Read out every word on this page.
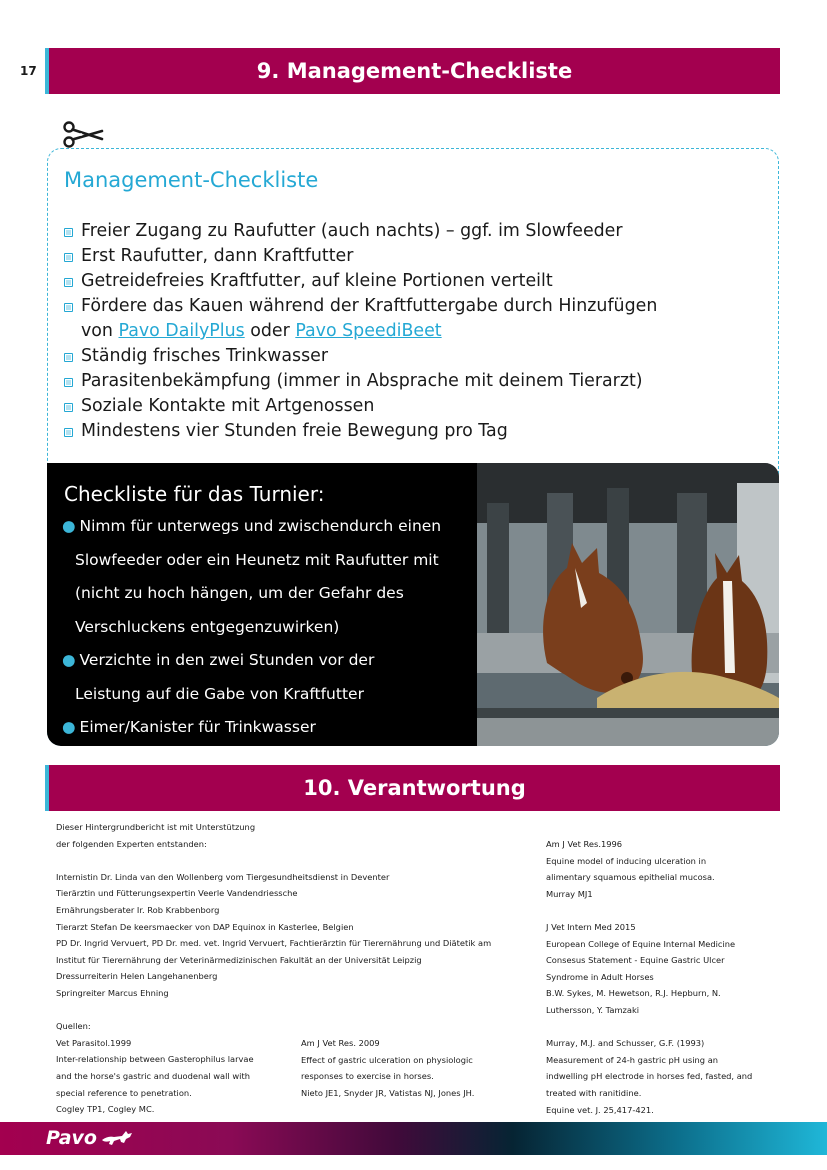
17	9. Management-Checkliste
Management-Checkliste
Freier Zugang zu Raufutter (auch nachts) – ggf. im Slowfeeder
Erst Raufutter, dann Kraftfutter
Getreidefreies Kraftfutter, auf kleine Portionen verteilt
Fördere das Kauen während der Kraftfuttergabe durch Hinzufügen
von Pavo DailyPlus oder Pavo SpeediBeet
Ständig frisches Trinkwasser
Parasitenbekämpfung (immer in Absprache mit deinem Tierarzt)
Soziale Kontakte mit Artgenossen
Mindestens vier Stunden freie Bewegung pro Tag
Checkliste für das Turnier:
● Nimm für unterwegs und zwischendurch einen
Slowfeeder oder ein Heunetz mit Raufutter mit
(nicht zu hoch hängen, um der Gefahr des
Verschluckens entgegenzuwirken)
● Verzichte in den zwei Stunden vor der
Leistung auf die Gabe von Kraftfutter
● Eimer/Kanister für Trinkwasser
10. Verantwortung
Dieser Hintergrundbericht ist mit Unterstützung
der folgenden Experten entstanden:
Internistin Dr. Linda van den Wollenberg vom Tiergesundheitsdienst in Deventer
Tierärztin und Fütterungsexpertin Veerle Vandendriessche
Ernährungsberater Ir. Rob Krabbenborg
Tierarzt Stefan De keersmaecker von DAP Equinox in Kasterlee, Belgien
PD Dr. Ingrid Vervuert, PD Dr. med. vet. Ingrid Vervuert, Fachtierärztin für Tierernährung und Diätetik am
Institut für Tierernährung der Veterinärmedizinischen Fakultät an der Universität Leipzig
Dressurreiterin Helen Langehanenberg
Springreiter Marcus Ehning
Quellen:
Vet Parasitol.1999
Inter-relationship between Gasterophilus larvae
and the horse's gastric and duodenal wall with
special reference to penetration.
Cogley TP1, Cogley MC.
Am J Vet Res. 2009
Effect of gastric ulceration on physiologic
responses to exercise in horses.
Nieto JE1, Snyder JR, Vatistas NJ, Jones JH.
Am J Vet Res.1996
Equine model of inducing ulceration in
alimentary squamous epithelial mucosa.
Murray MJ1
J Vet Intern Med 2015
European College of Equine Internal Medicine
Consesus Statement - Equine Gastric Ulcer
Syndrome in Adult Horses
B.W. Sykes, M. Hewetson, R.J. Hepburn, N.
Luthersson, Y. Tamzaki
Murray, M.J. and Schusser, G.F. (1993)
Measurement of 24-h gastric pH using an
indwelling pH electrode in horses fed, fasted, and
treated with ranitidine.
Equine vet. J. 25,417-421.
Pavo
